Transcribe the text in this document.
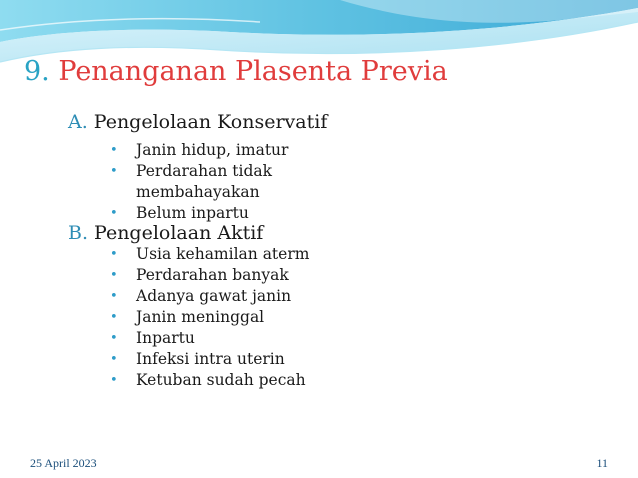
9. Penanganan Plasenta Previa
A. Pengelolaan Konservatif
•	Janin hidup, imatur
•	Perdarahan tidak membahayakan
•	Belum inpartu
B. Pengelolaan Aktif
•	Usia kehamilan aterm
•	Perdarahan banyak
•	Adanya gawat janin
•	Janin meninggal
•	Inpartu
•	Infeksi intra uterin
•	Ketuban sudah pecah
25 April 2023	11
